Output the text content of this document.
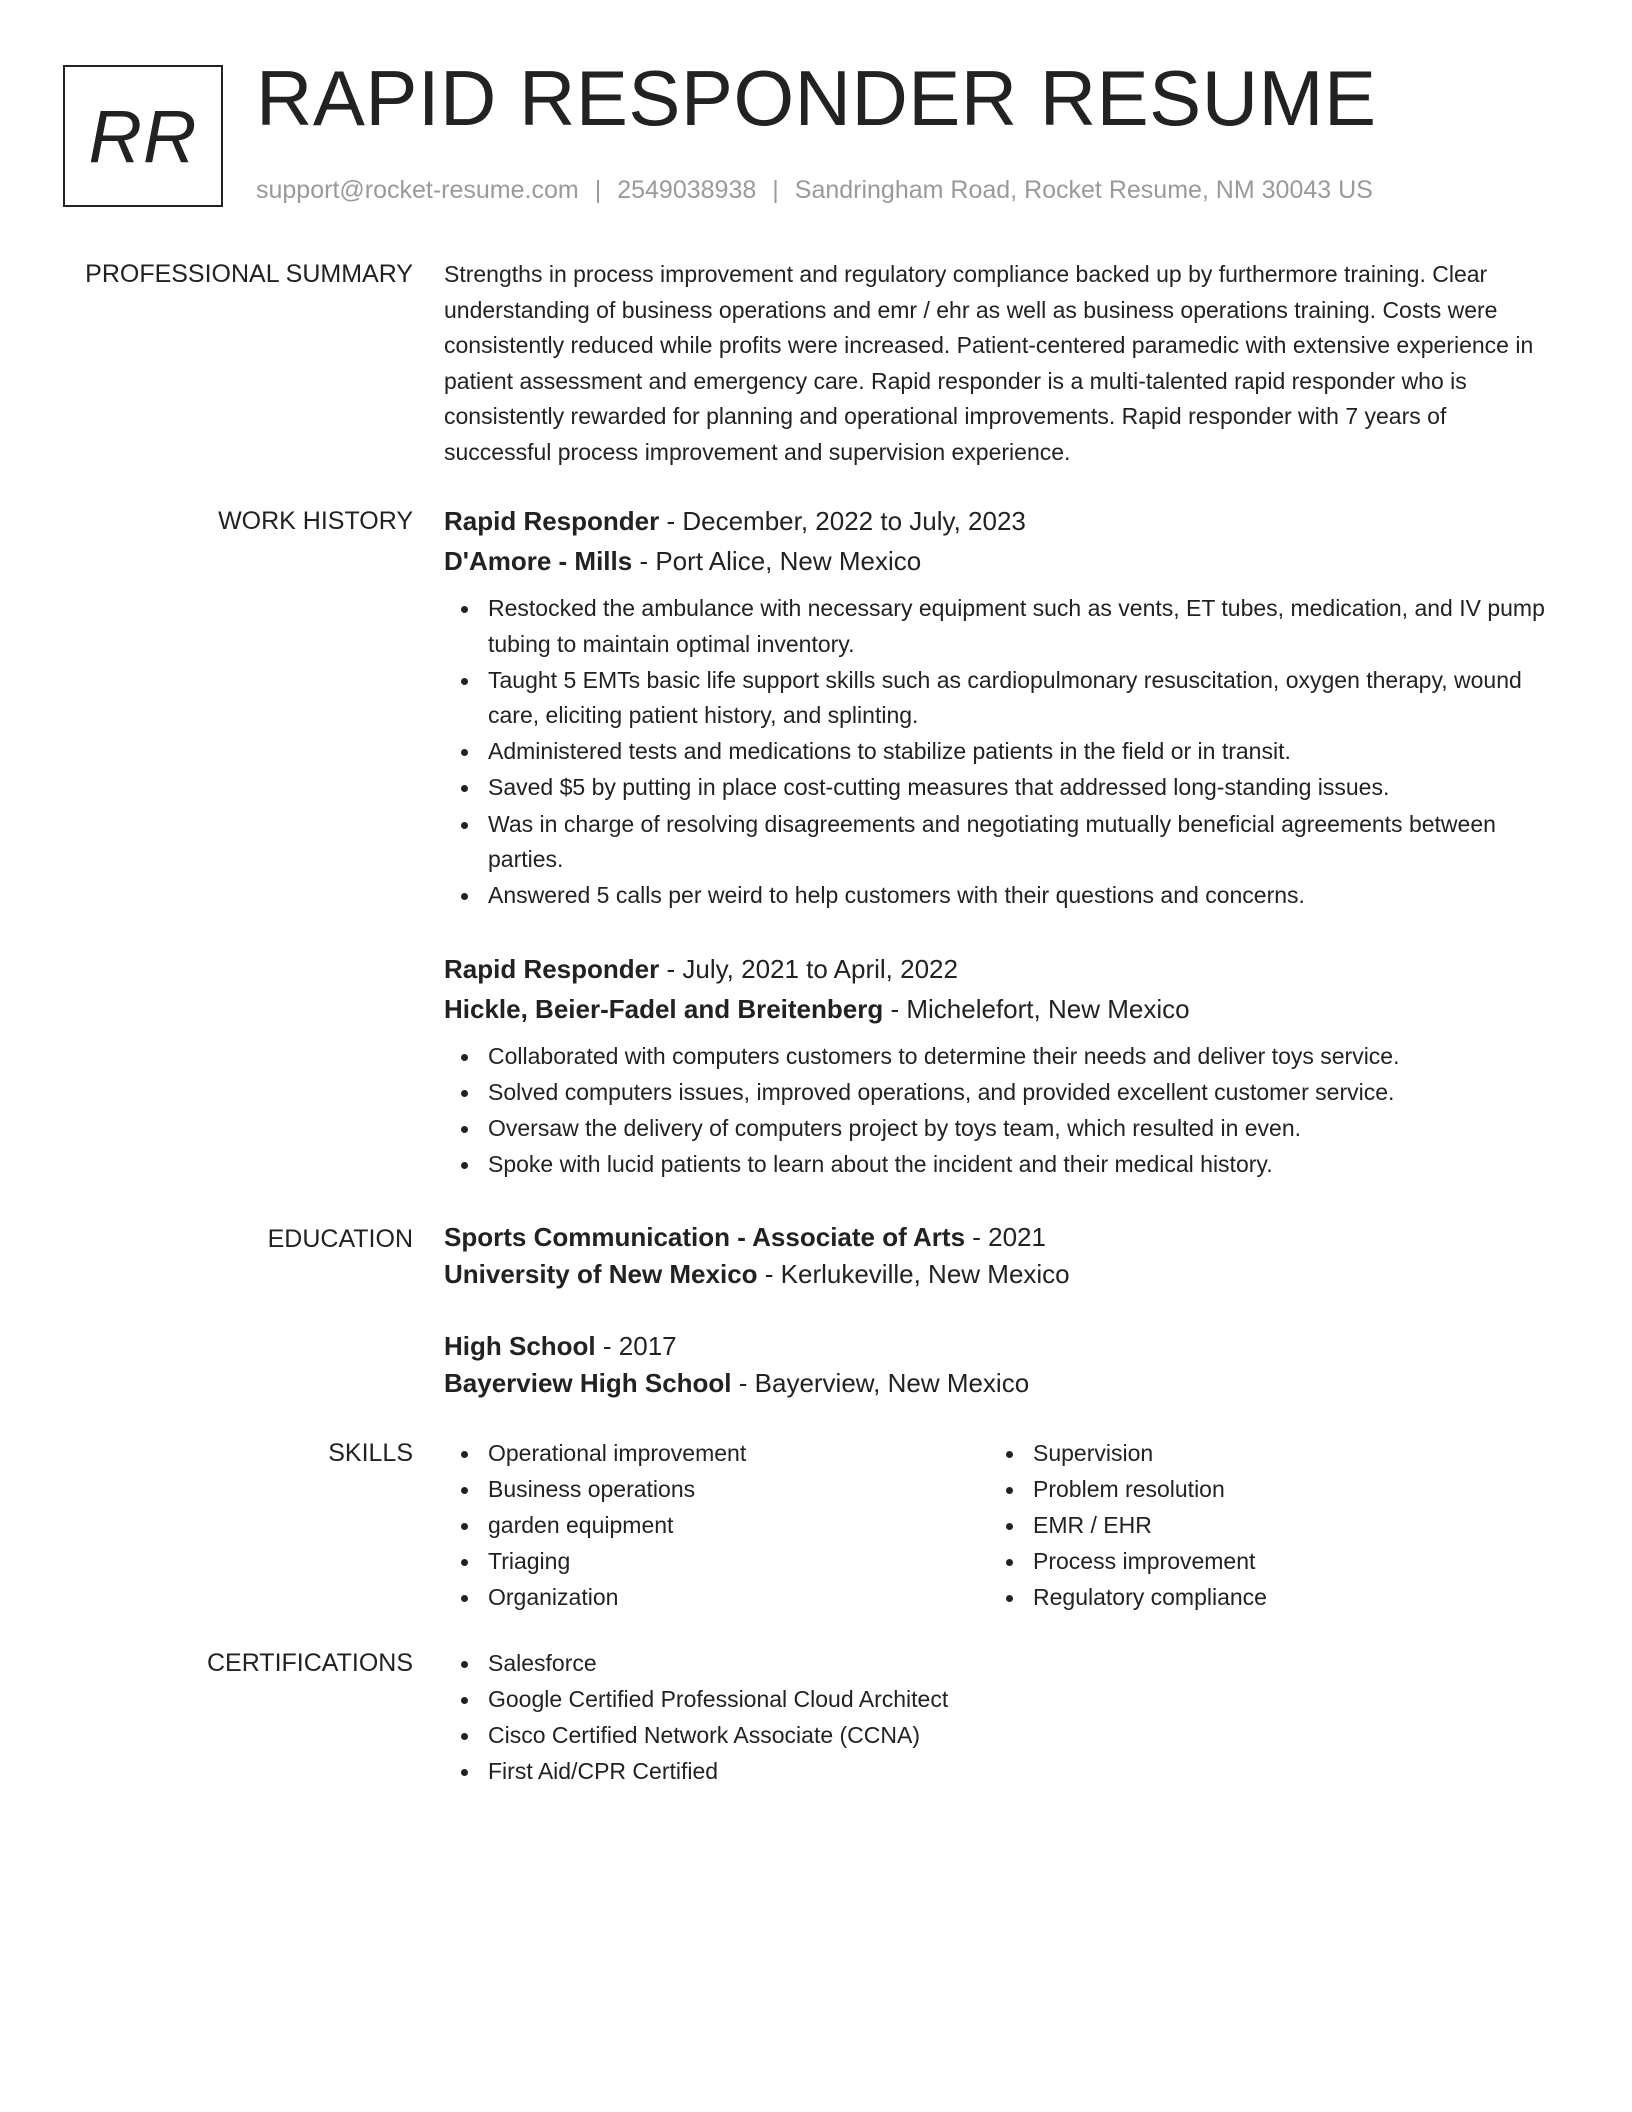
RR RAPID RESPONDER RESUME
support@rocket-resume.com | 2549038938 | Sandringham Road, Rocket Resume, NM 30043 US
PROFESSIONAL SUMMARY Strengths in process improvement and regulatory compliance backed up by furthermore training. Clear understanding of business operations and emr / ehr as well as business operations training. Costs were consistently reduced while profits were increased. Patient-centered paramedic with extensive experience in patient assessment and emergency care. Rapid responder is a multi-talented rapid responder who is consistently rewarded for planning and operational improvements. Rapid responder with 7 years of successful process improvement and supervision experience.

WORK HISTORY Rapid Responder - December, 2022 to July, 2023
D'Amore - Mills - Port Alice, New Mexico
Restocked the ambulance with necessary equipment such as vents, ET tubes, medication, and IV pump tubing to maintain optimal inventory.
Taught 5 EMTs basic life support skills such as cardiopulmonary resuscitation, oxygen therapy, wound care, eliciting patient history, and splinting.
Administered tests and medications to stabilize patients in the field or in transit.
Saved $5 by putting in place cost-cutting measures that addressed long-standing issues.
Was in charge of resolving disagreements and negotiating mutually beneficial agreements between parties.
Answered 5 calls per weird to help customers with their questions and concerns.
Rapid Responder - July, 2021 to April, 2022
Hickle, Beier-Fadel and Breitenberg - Michelefort, New Mexico
Collaborated with computers customers to determine their needs and deliver toys service.
Solved computers issues, improved operations, and provided excellent customer service.
Oversaw the delivery of computers project by toys team, which resulted in even.
Spoke with lucid patients to learn about the incident and their medical history.
EDUCATION Sports Communication - Associate of Arts - 2021
University of New Mexico - Kerlukeville, New Mexico
High School - 2017
Bayerview High School - Bayerview, New Mexico
SKILLS	Operational improvement
Business operations
garden equipment
Triaging
Organization
Supervision
Problem resolution
EMR / EHR
Process improvement
Regulatory compliance
CERTIFICATIONS	Salesforce
Google Certified Professional Cloud Architect
Cisco Certified Network Associate (CCNA)
First Aid/CPR Certified
